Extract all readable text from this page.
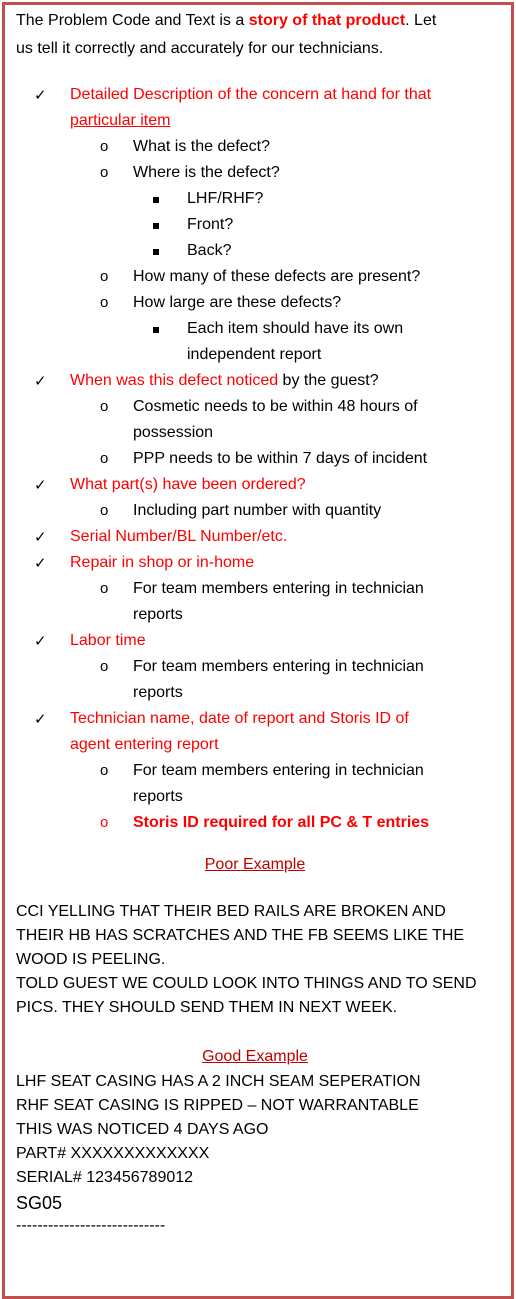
The Problem Code and Text is a story of that product. Let
us tell it correctly and accurately for our technicians.
✓ Detailed Description of the concern at hand for that
particular item
o What is the defect?
o Where is the defect?
LHF/RHF?
Front?
Back?
o How many of these defects are present?
o How large are these defects?
Each item should have its own
independent report
✓ When was this defect noticed by the guest?
o Cosmetic needs to be within 48 hours of
possession
o PPP needs to be within 7 days of incident
✓ What part(s) have been ordered?
o Including part number with quantity
✓ Serial Number/BL Number/etc.
✓ Repair in shop or in-home
o For team members entering in technician
reports
✓ Labor time
o For team members entering in technician
reports
✓ Technician name, date of report and Storis ID of
agent entering report
o For team members entering in technician
reports
o Storis ID required for all PC & T entries
Poor Example
CCI YELLING THAT THEIR BED RAILS ARE BROKEN AND
THEIR HB HAS SCRATCHES AND THE FB SEEMS LIKE THE
WOOD IS PEELING.
TOLD GUEST WE COULD LOOK INTO THINGS AND TO SEND
PICS. THEY SHOULD SEND THEM IN NEXT WEEK.
Good Example
LHF SEAT CASING HAS A 2 INCH SEAM SEPERATION
RHF SEAT CASING IS RIPPED – NOT WARRANTABLE
THIS WAS NOTICED 4 DAYS AGO
PART# XXXXXXXXXXXXX
SERIAL# 123456789012
SG05
----------------------------
